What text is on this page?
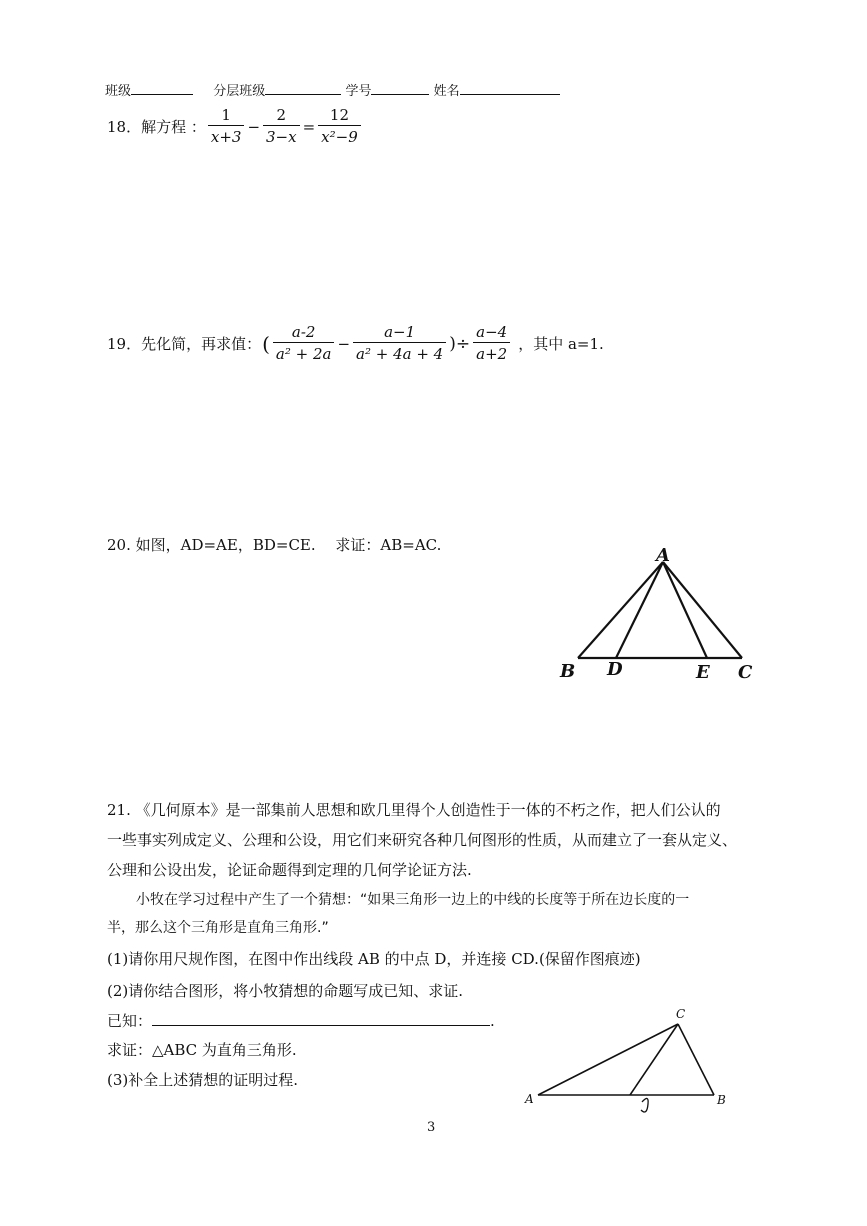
班级	分层班级	学号	姓名
18．解方程 ： $\frac{1}{x+3} - \frac{2}{3-x} = \frac{12}{\text{x²−9}}$
19．先化简，再求值： ( $\frac{a-2}{\text{a² + 2a}} - \frac{a-1}{\text{a² + 4a + 4}}$ )÷ $\frac{a-4}{a+2}$ ，其中 a=1.
20. 如图，AD=AE，BD=CE.　 求证：AB=AC.	A
B D	E C
21. 《几何原本》是一部集前人思想和欧几里得个人创造性于一体的不朽之作，把人们公认的
一些事实列成定义、公理和公设，用它们来研究各种几何图形的性质，从而建立了一套从定义、
公理和公设出发，论证命题得到定理的几何学论证方法.
小牧在学习过程中产生了一个猜想：“如果三角形一边上的中线的长度等于所在边长度的一
半，那么这个三角形是直角三角形.”
(1)请你用尺规作图，在图中作出线段 AB 的中点 D，并连接 CD.(保留作图痕迹)
(2)请你结合图形，将小牧猜想的命题写成已知、求证.
已知：	.
求证：△ABC 为直角三角形.
(3)补全上述猜想的证明过程.
C
A	B
3
